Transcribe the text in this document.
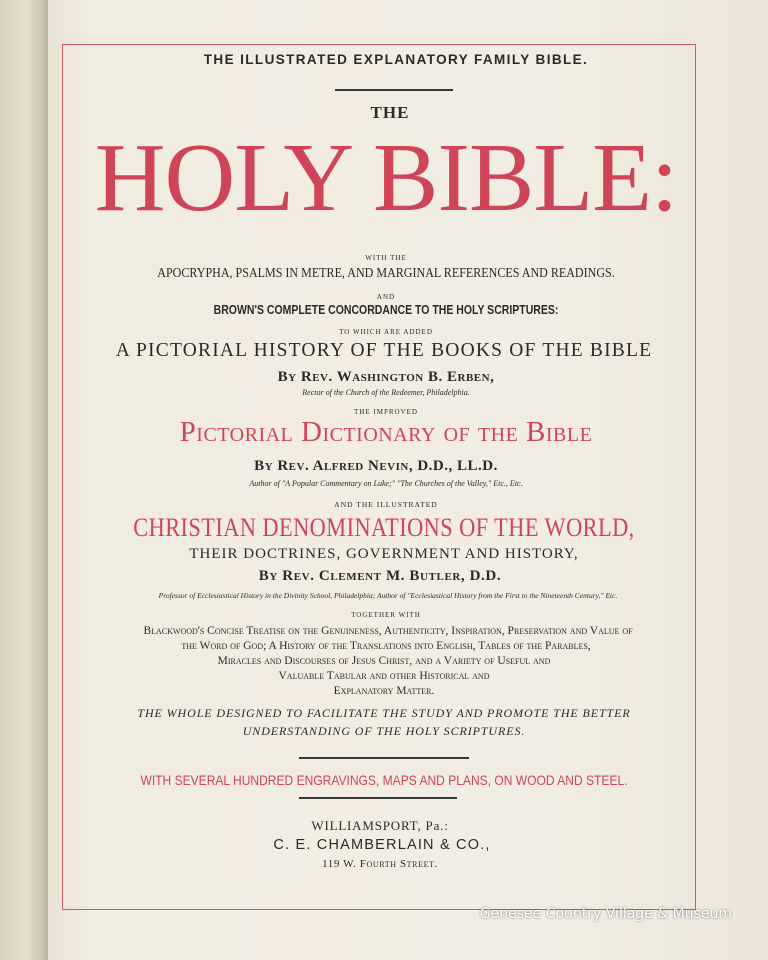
THE ILLUSTRATED EXPLANATORY FAMILY BIBLE.
THE
HOLY BIBLE:
WITH THE
APOCRYPHA, PSALMS IN METRE, AND MARGINAL REFERENCES AND READINGS.
AND
BROWN'S COMPLETE CONCORDANCE TO THE HOLY SCRIPTURES:
TO WHICH ARE ADDED
A PICTORIAL HISTORY OF THE BOOKS OF THE BIBLE
By Rev. Washington B. Erben,
Rector of the Church of the Redeemer, Philadelphia.
THE IMPROVED
Pictorial Dictionary of the Bible
By Rev. Alfred Nevin, D.D., LL.D.
Author of "A Popular Commentary on Luke;" "The Churches of the Valley," Etc., Etc.
AND THE ILLUSTRATED
CHRISTIAN DENOMINATIONS OF THE WORLD,
THEIR DOCTRINES, GOVERNMENT AND HISTORY,
By Rev. Clement M. Butler, D.D.
Professor of Ecclesiastical History in the Divinity School, Philadelphia; Author of "Ecclesiastical History from the First to the Nineteenth Century," Etc.
TOGETHER WITH
Blackwood's Concise Treatise on the Genuineness, Authenticity, Inspiration, Preservation and Value of
the Word of God; A History of the Translations into English, Tables of the Parables,
Miracles and Discourses of Jesus Christ, and a Variety of Useful and
Valuable Tabular and other Historical and
Explanatory Matter.
THE WHOLE DESIGNED TO FACILITATE THE STUDY AND PROMOTE THE BETTER
UNDERSTANDING OF THE HOLY SCRIPTURES.
WITH SEVERAL HUNDRED ENGRAVINGS, MAPS AND PLANS, ON WOOD AND STEEL.
WILLIAMSPORT, Pa.:
C. E. CHAMBERLAIN & CO.,
119 W. Fourth Street.
Genesee Country Village & Museum
